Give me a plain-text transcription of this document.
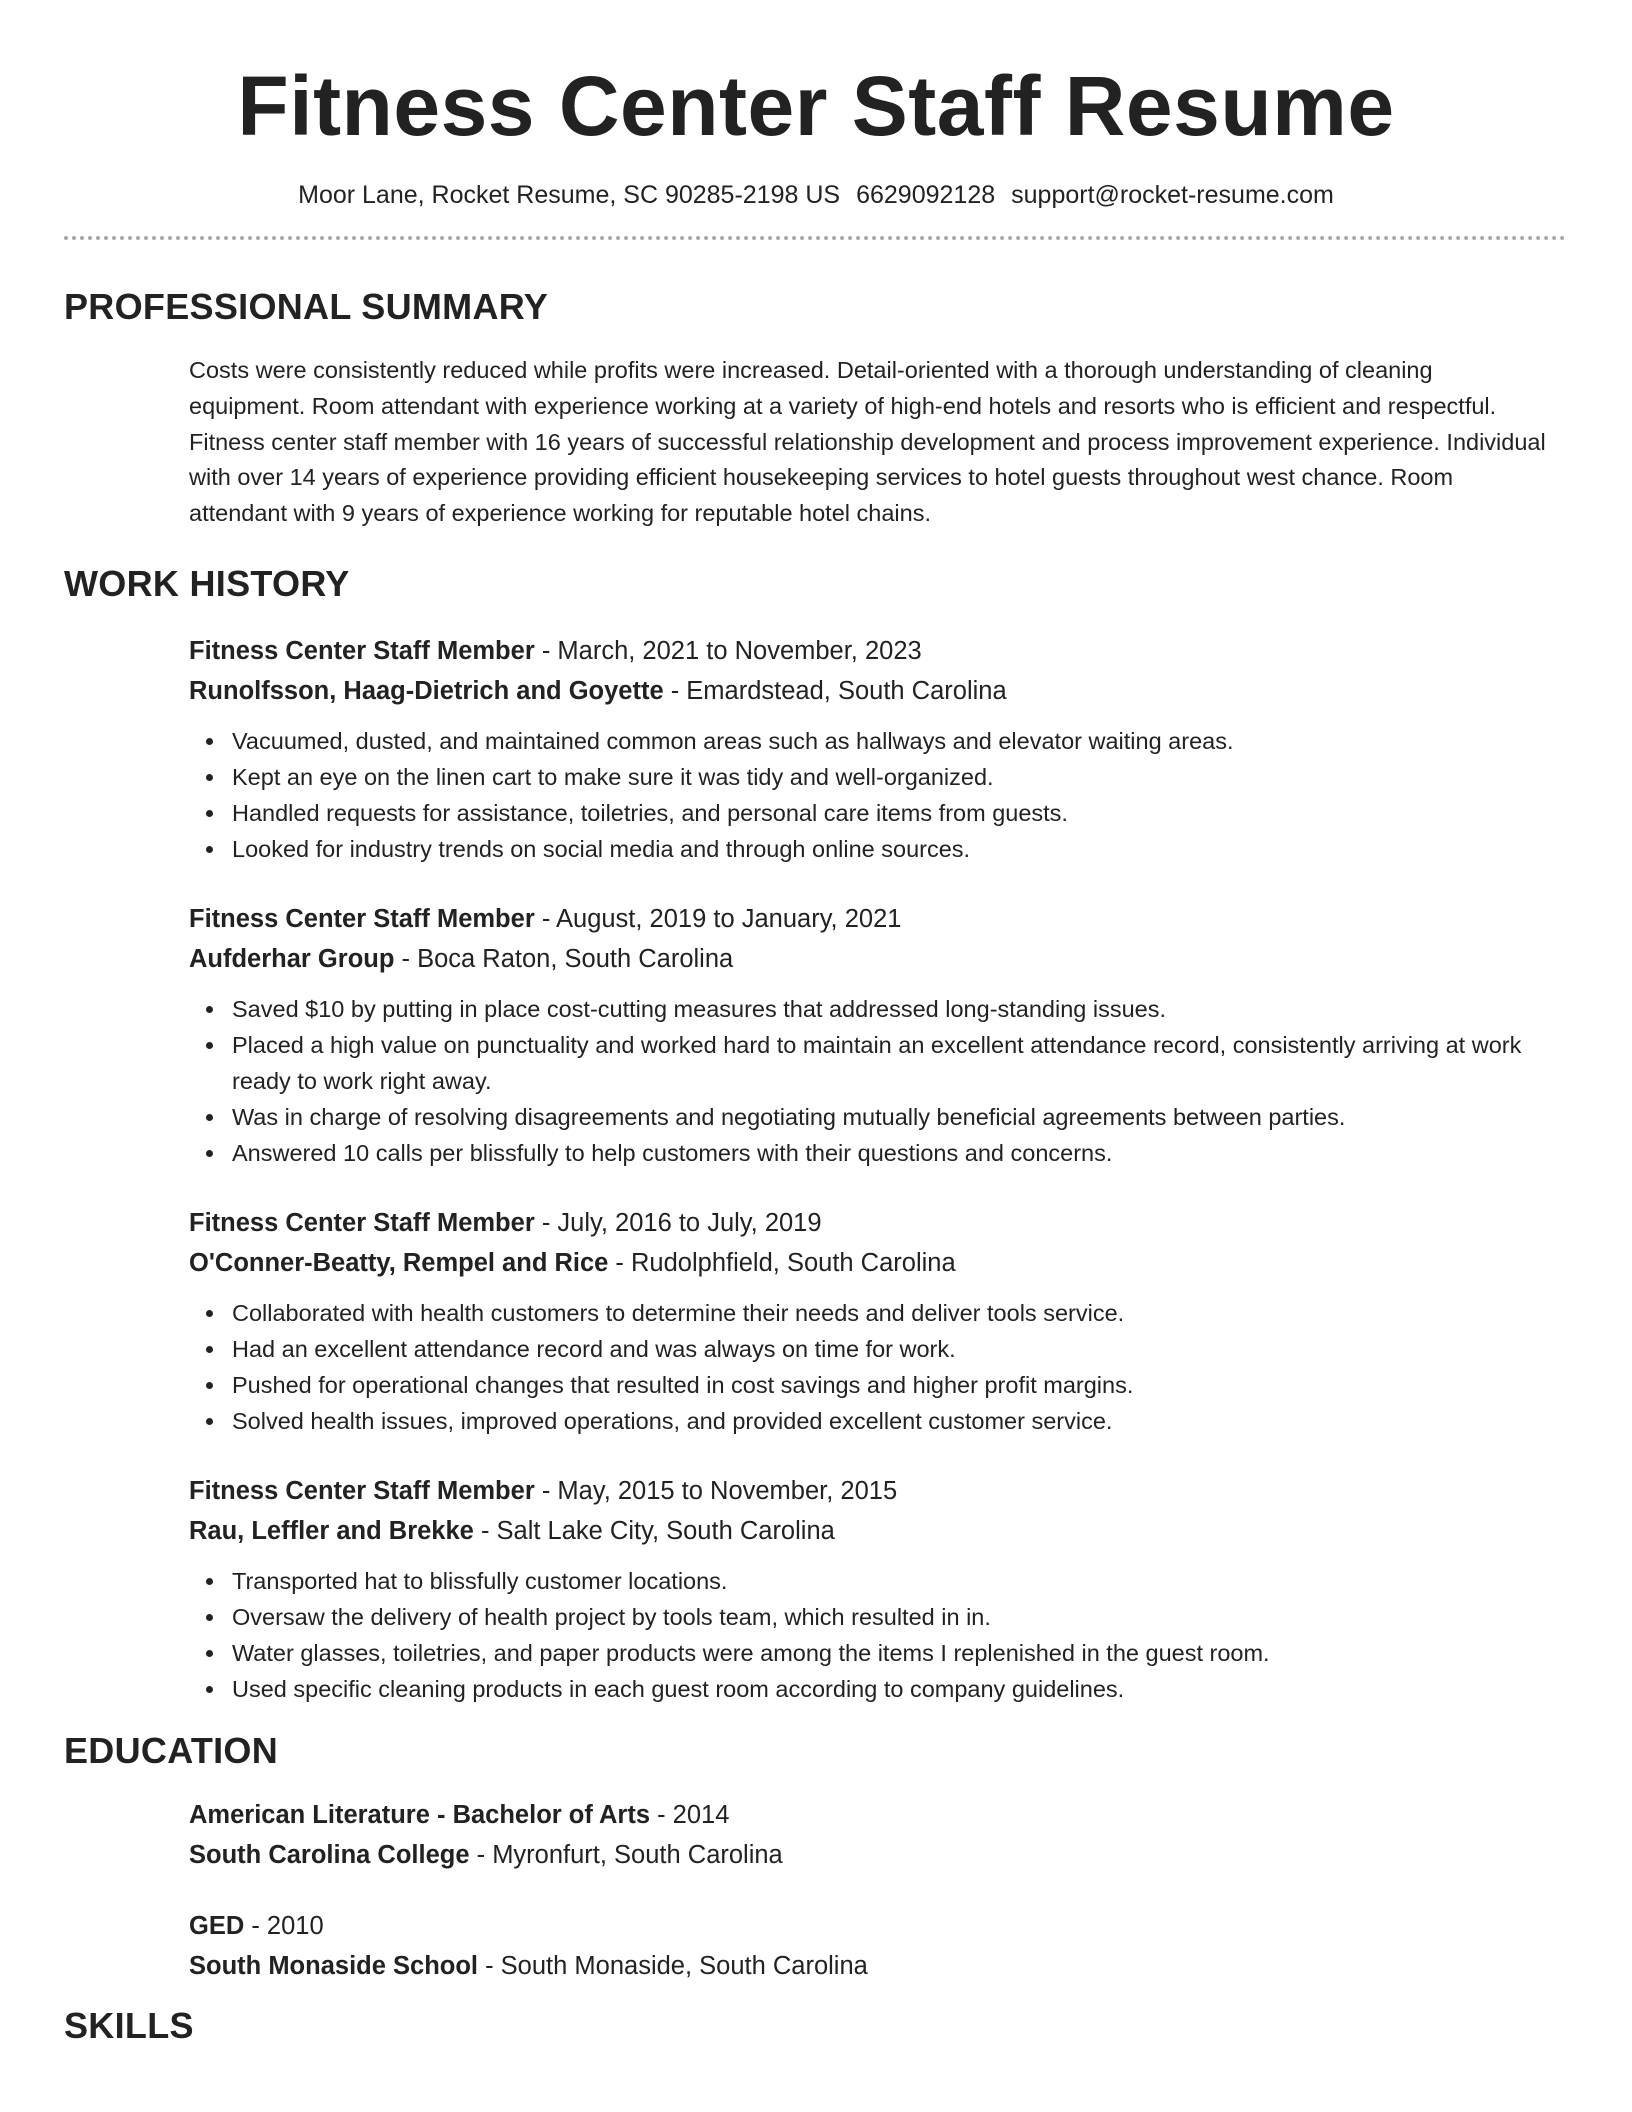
Fitness Center Staff Resume
Moor Lane, Rocket Resume, SC 90285-2198 US 6629092128 support@rocket-resume.com
PROFESSIONAL SUMMARY
Costs were consistently reduced while profits were increased. Detail-oriented with a thorough understanding of cleaning equipment. Room attendant with experience working at a variety of high-end hotels and resorts who is efficient and respectful. Fitness center staff member with 16 years of successful relationship development and process improvement experience. Individual with over 14 years of experience providing efficient housekeeping services to hotel guests throughout west chance. Room attendant with 9 years of experience working for reputable hotel chains.
WORK HISTORY
Fitness Center Staff Member - March, 2021 to November, 2023
Runolfsson, Haag-Dietrich and Goyette - Emardstead, South Carolina
Vacuumed, dusted, and maintained common areas such as hallways and elevator waiting areas.
Kept an eye on the linen cart to make sure it was tidy and well-organized.
Handled requests for assistance, toiletries, and personal care items from guests.
Looked for industry trends on social media and through online sources.
Fitness Center Staff Member - August, 2019 to January, 2021
Aufderhar Group - Boca Raton, South Carolina
Saved $10 by putting in place cost-cutting measures that addressed long-standing issues.
Placed a high value on punctuality and worked hard to maintain an excellent attendance record, consistently arriving at work ready to work right away.
Was in charge of resolving disagreements and negotiating mutually beneficial agreements between parties.
Answered 10 calls per blissfully to help customers with their questions and concerns.
Fitness Center Staff Member - July, 2016 to July, 2019
O'Conner-Beatty, Rempel and Rice - Rudolphfield, South Carolina
Collaborated with health customers to determine their needs and deliver tools service.
Had an excellent attendance record and was always on time for work.
Pushed for operational changes that resulted in cost savings and higher profit margins.
Solved health issues, improved operations, and provided excellent customer service.
Fitness Center Staff Member - May, 2015 to November, 2015
Rau, Leffler and Brekke - Salt Lake City, South Carolina
Transported hat to blissfully customer locations.
Oversaw the delivery of health project by tools team, which resulted in in.
Water glasses, toiletries, and paper products were among the items I replenished in the guest room.
Used specific cleaning products in each guest room according to company guidelines.
EDUCATION
American Literature - Bachelor of Arts - 2014
South Carolina College - Myronfurt, South Carolina
GED - 2010
South Monaside School - South Monaside, South Carolina
SKILLS
